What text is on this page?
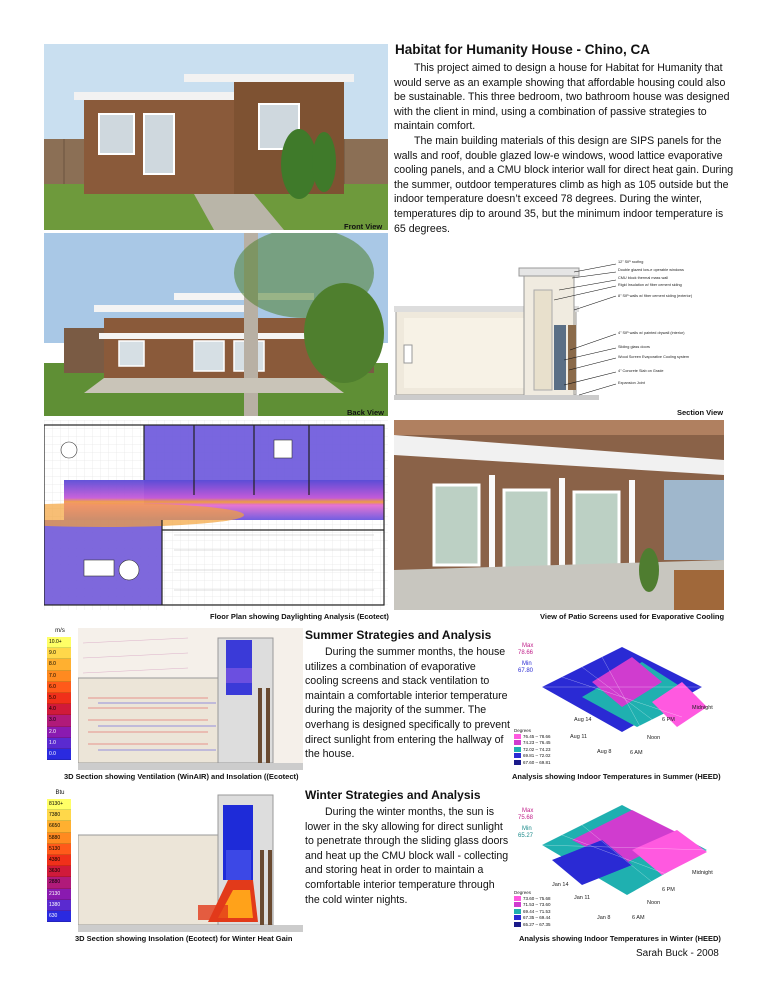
Front View
Habitat for Humanity House - Chino, CA

This project aimed to design a house for Habitat for Humanity that would serve as an example showing that affordable housing could also be sustainable. This three bedroom, two bathroom house was designed with the client in mind, using a combination of passive strategies to maintain comfort.

The main building materials of this design are SIPS panels for the walls and roof, double glazed low-e windows, wood lattice evaporative cooling panels, and a CMU block interior wall for direct heat gain. During the summer, outdoor temperatures climb as high as 105 outside but the indoor temperature doesn’t exceed 78 degrees. During the winter, temperatures dip to around 35, but the minimum indoor temperature is 65 degrees.

Back View
12" SIP roofing
Double glazed low-e operable windows
CMU block thermal mass wall
Rigid Insulation w/ fiber cement siding
8" SIP walls w/ fiber cement siding (exterior)
4" SIP walls w/ painted drywall (interior)
Sliding glass doors
Wood Screen Evaporative Cooling system
4" Concrete Slab on Grade
Expansion Joint
Section View
Floor Plan showing Daylighting Analysis (Ecotect)	View of Patio Screens used for Evaporative Cooling
m/s
10.0+
9.0
8.0
7.0
6.0
5.0
4.0
3.0
2.0
1.0
0.0
3D Section showing Ventilation (WinAIR) and Insolation ((Ecotect)
Summer Strategies and Analysis

During the summer months, the house utilizes a combination of evaporative cooling screens and stack ventilation to maintain a comfortable interior temperature during the majority of the summer. The overhang is designed specifically to prevent direct sunlight from entering the hallway of the house.

Max
78.66
Min
67.80
Aug 14
Aug 11
Aug 8
Midnight
6 PM
Noon
6 AM
Degrees
76.45 – 78.66
74.23 – 76.45
72.02 – 74.23
69.81 – 72.02
67.60 – 69.81
Analysis showing Indoor Temperatures in Summer (HEED)
Btu
8130+
7380
6650
5880
5130
4380
3630
2880
2130
1380
630
3D Section showing Insolation (Ecotect) for Winter Heat Gain
Winter Strategies and Analysis

During the winter months, the sun is lower in the sky allowing for direct sunlight to penetrate through the sliding glass doors and heat up the CMU block wall - collecting and storing heat in order to maintain a comfortable interior temperature through the cold winter nights.

Max
75.68
Min
65.27
Jan 14
Jan 11
Jan 8
Midnight
6 PM
Noon
6 AM
Degrees
73.60 – 75.68
71.53 – 73.60
69.44 – 71.53
67.35 – 69.44
65.27 – 67.35
Analysis showing Indoor Temperatures in Winter (HEED)
Sarah Buck - 2008
